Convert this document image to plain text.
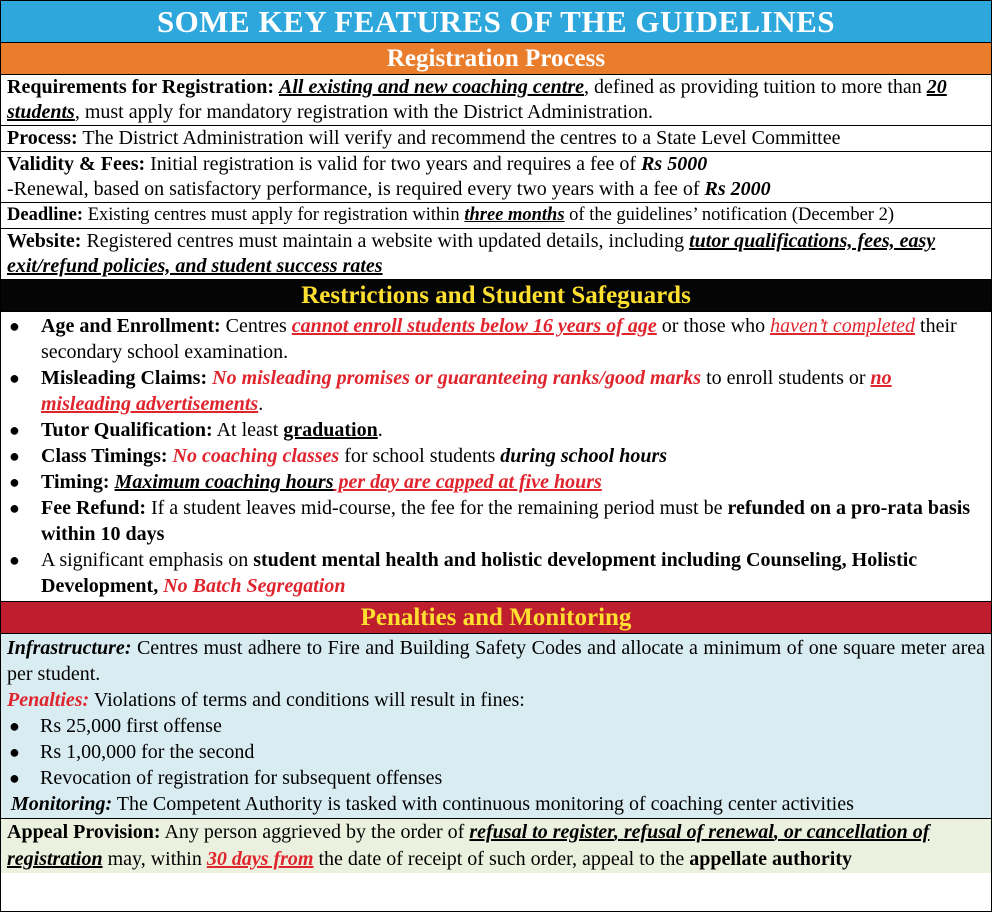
SOME KEY FEATURES OF THE GUIDELINES
Registration Process
Requirements for Registration: All existing and new coaching centre, defined as providing tuition to more than 20 students, must apply for mandatory registration with the District Administration.
Process: The District Administration will verify and recommend the centres to a State Level Committee
Validity & Fees: Initial registration is valid for two years and requires a fee of Rs 5000
-Renewal, based on satisfactory performance, is required every two years with a fee of Rs 2000
Deadline: Existing centres must apply for registration within three months of the guidelines’ notification (December 2)
Website: Registered centres must maintain a website with updated details, including tutor qualifications, fees, easy exit/refund policies, and student success rates
Restrictions and Student Safeguards
● Age and Enrollment: Centres cannot enroll students below 16 years of age or those who haven’t completed their secondary school examination.
● Misleading Claims: No misleading promises or guaranteeing ranks/good marks to enroll students or no misleading advertisements.
● Tutor Qualification: At least graduation.
● Class Timings: No coaching classes for school students during school hours
● Timing: Maximum coaching hours per day are capped at five hours
● Fee Refund: If a student leaves mid-course, the fee for the remaining period must be refunded on a pro-rata basis within 10 days
● A significant emphasis on student mental health and holistic development including Counseling, Holistic Development, No Batch Segregation
Penalties and Monitoring
Infrastructure: Centres must adhere to Fire and Building Safety Codes and allocate a minimum of one square meter area per student.
Penalties: Violations of terms and conditions will result in fines:
● Rs 25,000 first offense
● Rs 1,00,000 for the second
● Revocation of registration for subsequent offenses
Monitoring: The Competent Authority is tasked with continuous monitoring of coaching center activities
Appeal Provision: Any person aggrieved by the order of refusal to register, refusal of renewal, or cancellation of registration may, within 30 days from the date of receipt of such order, appeal to the appellate authority
